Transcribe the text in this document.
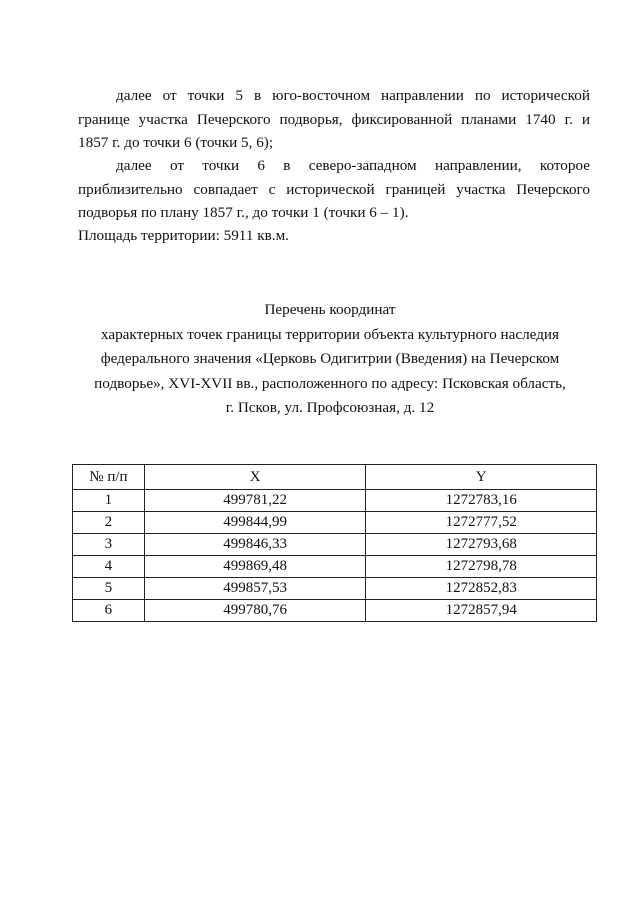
далее от точки 5 в юго-восточном направлении по исторической
границе участка Печерского подворья, фиксированной планами 1740 г. и
1857 г. до точки 6 (точки 5, 6);
далее от точки 6 в северо-западном направлении, которое
приблизительно совпадает с исторической границей участка Печерского
подворья по плану 1857 г., до точки 1 (точки 6 – 1).
Площадь территории: 5911 кв.м.
Перечень координат
характерных точек границы территории объекта культурного наследия
федерального значения «Церковь Одигитрии (Введения) на Печерском
подворье», XVI-XVII вв., расположенного по адресу: Псковская область,
г. Псков, ул. Профсоюзная, д. 12
№ п/п	X	Y
1	499781,22	1272783,16
2	499844,99	1272777,52
3	499846,33	1272793,68
4	499869,48	1272798,78
5	499857,53	1272852,83
6	499780,76	1272857,94
